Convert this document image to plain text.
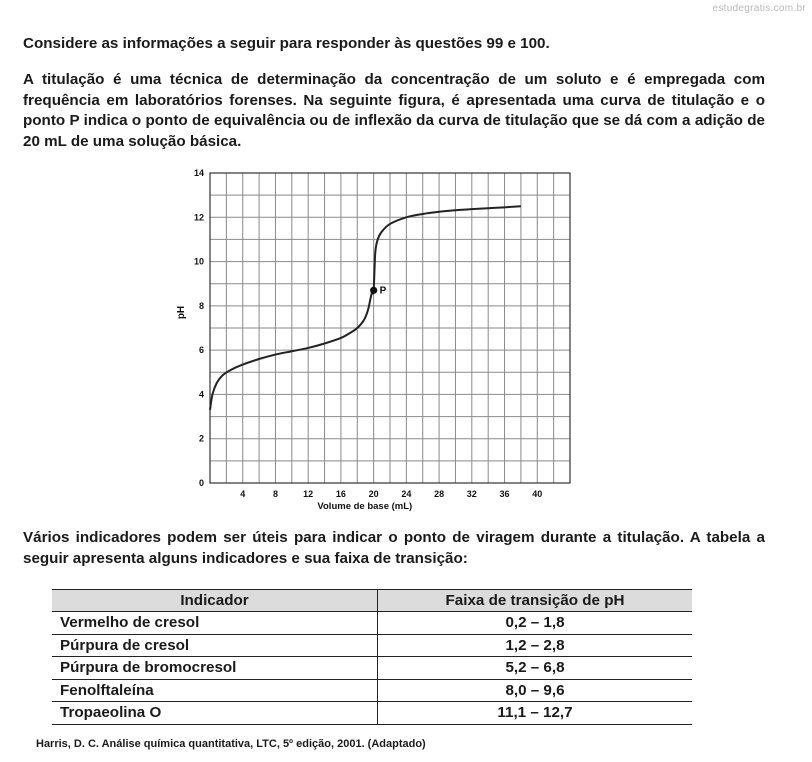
estudegratis.com.br

Considere as informações a seguir para responder às questões 99 e 100.

A titulação é uma técnica de determinação da concentração de um soluto e é empregada com frequência em laboratórios forenses. Na seguinte figura, é apresentada uma curva de titulação e o ponto P indica o ponto de equivalência ou de inflexão da curva de titulação que se dá com a adição de 20 mL de uma solução básica.

4	8	12	16	20	24	28	32	36	40
0
2
4
6
8
10
12
14
P
Volume de base (mL)
pH

Vários indicadores podem ser úteis para indicar o ponto de viragem durante a titulação. A tabela a seguir apresenta alguns indicadores e sua faixa de transição:

Indicador	Faixa de transição de pH
Vermelho de cresol	0,2 – 1,8
Púrpura de cresol	1,2 – 2,8
Púrpura de bromocresol	5,2 – 6,8
Fenolftaleína	8,0 – 9,6
Tropaeolina O	11,1 – 12,7
Harris, D. C. Análise química quantitativa, LTC, 5º edição, 2001. (Adaptado)
